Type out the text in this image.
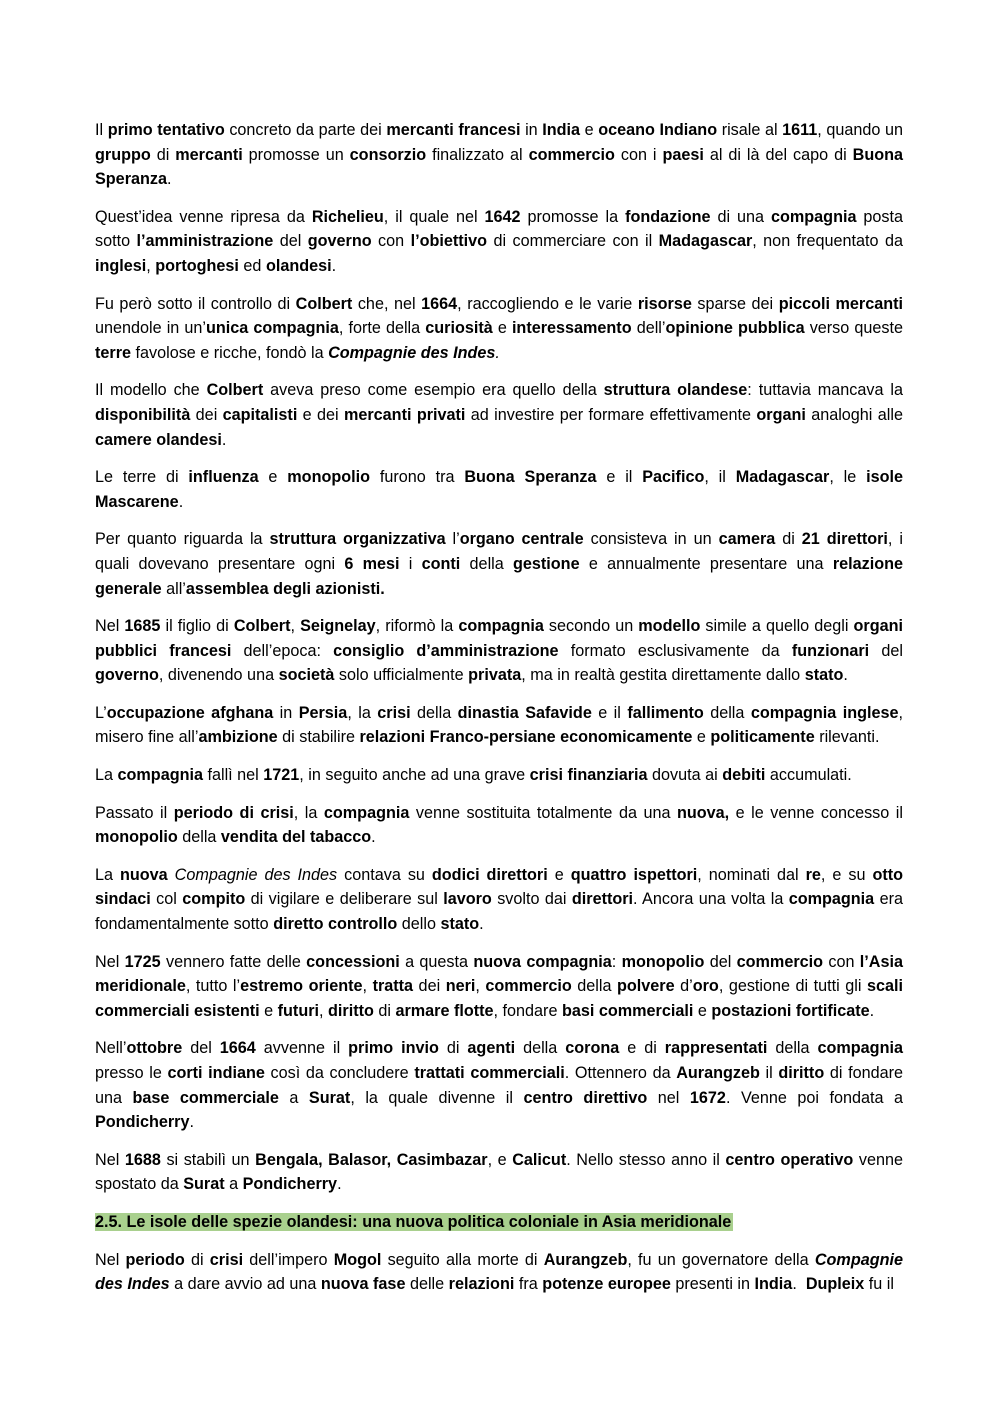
Il primo tentativo concreto da parte dei mercanti francesi in India e oceano Indiano risale al 1611, quando un gruppo di mercanti promosse un consorzio finalizzato al commercio con i paesi al di là del capo di Buona Speranza.

Quest’idea venne ripresa da Richelieu, il quale nel 1642 promosse la fondazione di una compagnia posta sotto l’amministrazione del governo con l’obiettivo di commerciare con il Madagascar, non frequentato da inglesi, portoghesi ed olandesi.

Fu però sotto il controllo di Colbert che, nel 1664, raccogliendo e le varie risorse sparse dei piccoli mercanti unendole in un’unica compagnia, forte della curiosità e interessamento dell’opinione pubblica verso queste terre favolose e ricche, fondò la Compagnie des Indes.

Il modello che Colbert aveva preso come esempio era quello della struttura olandese: tuttavia mancava la disponibilità dei capitalisti e dei mercanti privati ad investire per formare effettivamente organi analoghi alle camere olandesi.

Le terre di influenza e monopolio furono tra Buona Speranza e il Pacifico, il Madagascar, le isole Mascarene.

Per quanto riguarda la struttura organizzativa l’organo centrale consisteva in un camera di 21 direttori, i quali dovevano presentare ogni 6 mesi i conti della gestione e annualmente presentare una relazione generale all’assemblea degli azionisti.

Nel 1685 il figlio di Colbert, Seignelay, riformò la compagnia secondo un modello simile a quello degli organi pubblici francesi dell’epoca: consiglio d’amministrazione formato esclusivamente da funzionari del governo, divenendo una società solo ufficialmente privata, ma in realtà gestita direttamente dallo stato.

L’occupazione afghana in Persia, la crisi della dinastia Safavide e il fallimento della compagnia inglese, misero fine all’ambizione di stabilire relazioni Franco-persiane economicamente e politicamente rilevanti.

La compagnia fallì nel 1721, in seguito anche ad una grave crisi finanziaria dovuta ai debiti accumulati.

Passato il periodo di crisi, la compagnia venne sostituita totalmente da una nuova, e le venne concesso il monopolio della vendita del tabacco.

La nuova Compagnie des Indes contava su dodici direttori e quattro ispettori, nominati dal re, e su otto sindaci col compito di vigilare e deliberare sul lavoro svolto dai direttori. Ancora una volta la compagnia era fondamentalmente sotto diretto controllo dello stato.

Nel 1725 vennero fatte delle concessioni a questa nuova compagnia: monopolio del commercio con l’Asia meridionale, tutto l’estremo oriente, tratta dei neri, commercio della polvere d’oro, gestione di tutti gli scali commerciali esistenti e futuri, diritto di armare flotte, fondare basi commerciali e postazioni fortificate.

Nell’ottobre del 1664 avvenne il primo invio di agenti della corona e di rappresentati della compagnia presso le corti indiane così da concludere trattati commerciali. Ottennero da Aurangzeb il diritto di fondare una base commerciale a Surat, la quale divenne il centro direttivo nel 1672. Venne poi fondata a Pondicherry.

Nel 1688 si stabilì un Bengala, Balasor, Casimbazar, e Calicut. Nello stesso anno il centro operativo venne spostato da Surat a Pondicherry.

2.5. Le isole delle spezie olandesi: una nuova politica coloniale in Asia meridionale

Nel periodo di crisi dell’impero Mogol seguito alla morte di Aurangzeb, fu un governatore della Compagnie des Indes a dare avvio ad una nuova fase delle relazioni fra potenze europee presenti in India.  Dupleix fu il
